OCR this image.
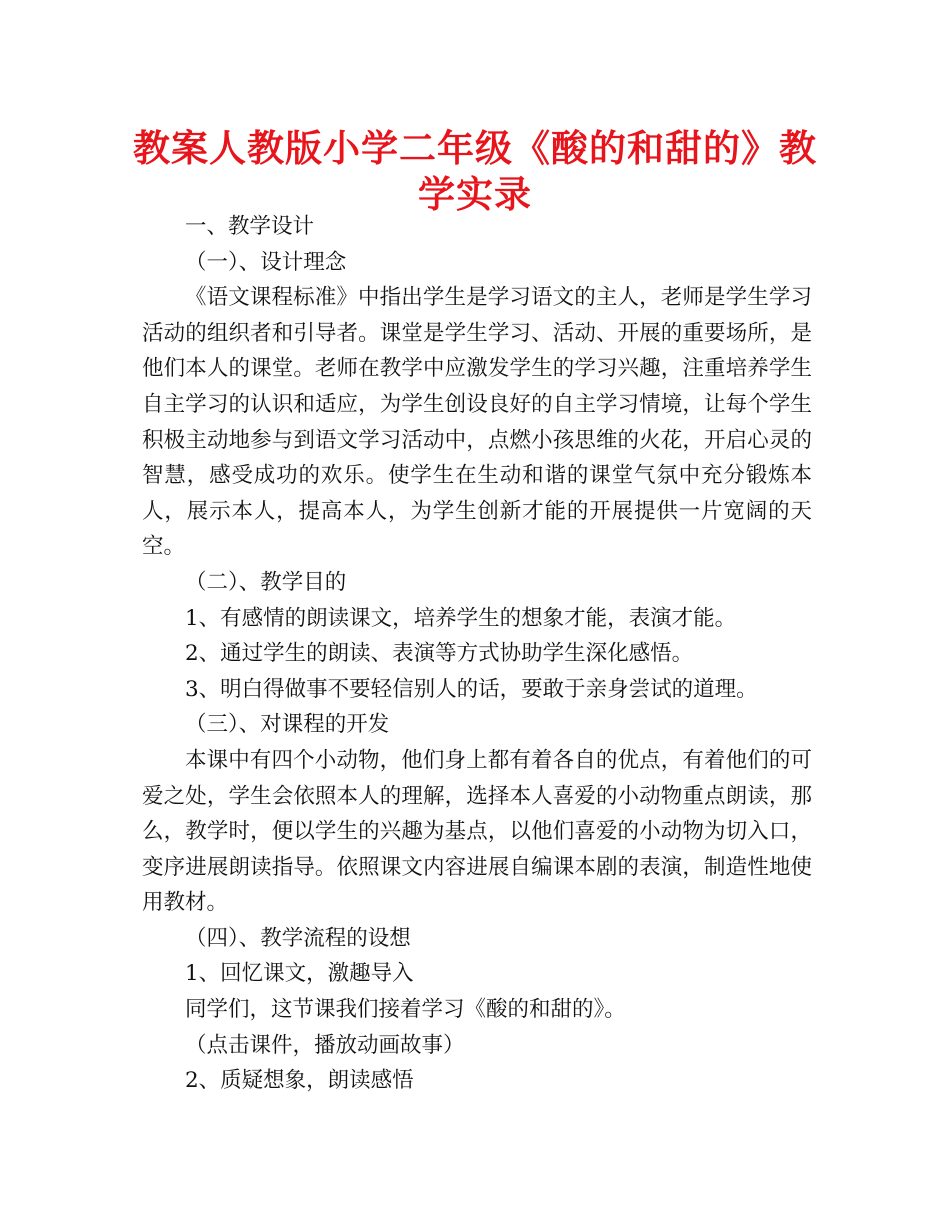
教案人教版小学二年级《酸的和甜的》教
学实录

一、教学设计

（一）、设计理念

《语文课程标准》中指出学生是学习语文的主人，老师是学生学习活动的组织者和引导者。课堂是学生学习、活动、开展的重要场所，是他们本人的课堂。老师在教学中应激发学生的学习兴趣，注重培养学生自主学习的认识和适应，为学生创设良好的自主学习情境，让每个学生积极主动地参与到语文学习活动中，点燃小孩思维的火花，开启心灵的智慧，感受成功的欢乐。使学生在生动和谐的课堂气氛中充分锻炼本人，展示本人，提高本人，为学生创新才能的开展提供一片宽阔的天空。

（二）、教学目的

1、有感情的朗读课文，培养学生的想象才能，表演才能。

2、通过学生的朗读、表演等方式协助学生深化感悟。

3、明白得做事不要轻信别人的话，要敢于亲身尝试的道理。

（三）、对课程的开发

本课中有四个小动物，他们身上都有着各自的优点，有着他们的可爱之处，学生会依照本人的理解，选择本人喜爱的小动物重点朗读，那么，教学时，便以学生的兴趣为基点，以他们喜爱的小动物为切入口，变序进展朗读指导。依照课文内容进展自编课本剧的表演，制造性地使用教材。

（四）、教学流程的设想

1、回忆课文，激趣导入

同学们，这节课我们接着学习《酸的和甜的》。

（点击课件，播放动画故事）

2、质疑想象，朗读感悟
